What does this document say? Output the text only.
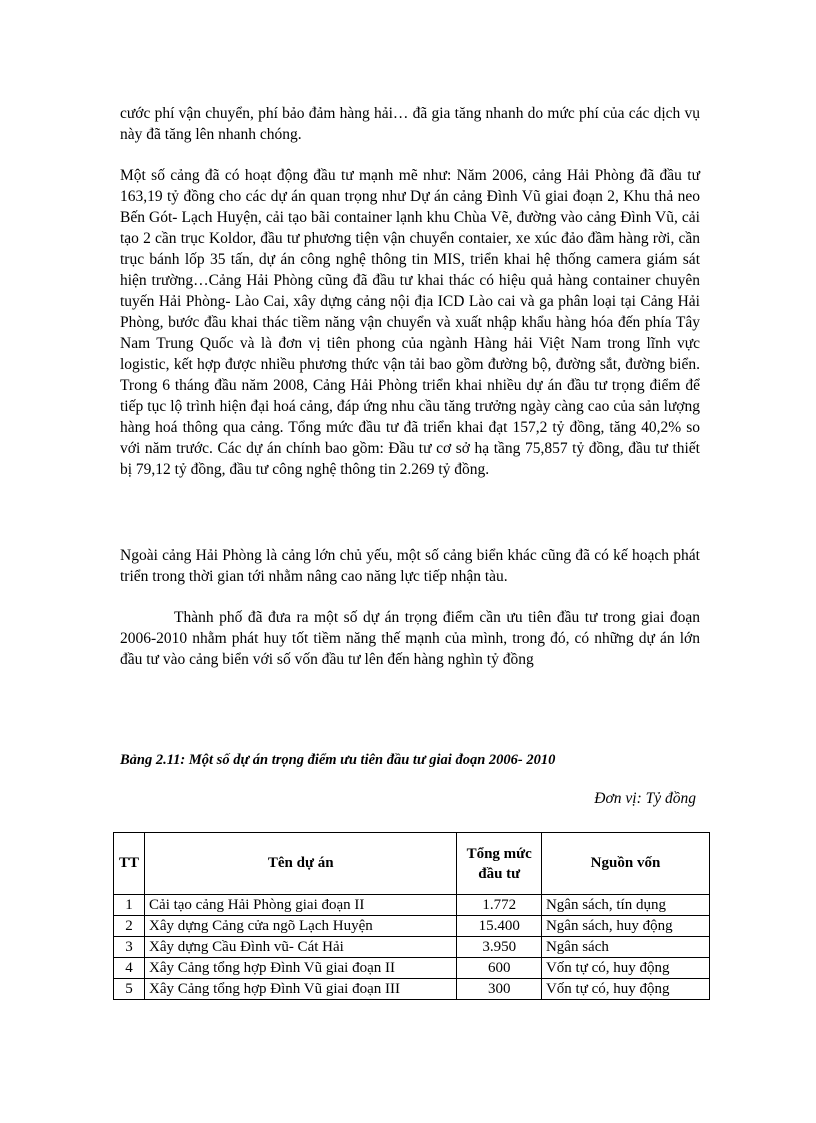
cước phí vận chuyển, phí bảo đảm hàng hải… đã gia tăng nhanh do mức phí của các dịch vụ này đã tăng lên nhanh chóng.

Một số cảng đã có hoạt động đầu tư mạnh mẽ như: Năm 2006, cảng Hải Phòng đã đầu tư 163,19 tỷ đồng cho các dự án quan trọng như Dự án cảng Đình Vũ giai đoạn 2, Khu thả neo Bến Gót- Lạch Huyện, cải tạo bãi container lạnh khu Chùa Vẽ, đường vào cảng Đình Vũ, cải tạo 2 cần trục Koldor, đầu tư phương tiện vận chuyển contaier, xe xúc đảo đầm hàng rời, cần trục bánh lốp 35 tấn, dự án công nghệ thông tin MIS, triển khai hệ thống camera giám sát hiện trường…Cảng Hải Phòng cũng đã đầu tư khai thác có hiệu quả hàng container chuyên tuyến Hải Phòng- Lào Cai, xây dựng cảng nội địa ICD Lào cai và ga phân loại tại Cảng Hải Phòng, bước đầu khai thác tiềm năng vận chuyển và xuất nhập khẩu hàng hóa đến phía Tây Nam Trung Quốc và là đơn vị tiên phong của ngành Hàng hải Việt Nam trong lĩnh vực logistic, kết hợp được nhiều phương thức vận tải bao gồm đường bộ, đường sắt, đường biển. Trong 6 tháng đầu năm 2008, Cảng Hải Phòng triển khai nhiều dự án đầu tư trọng điểm để tiếp tục lộ trình hiện đại hoá cảng, đáp ứng nhu cầu tăng trưởng ngày càng cao của sản lượng hàng hoá thông qua cảng. Tổng mức đầu tư đã triển khai đạt 157,2 tỷ đồng, tăng 40,2% so với năm trước. Các dự án chính bao gồm: Đầu tư cơ sở hạ tầng 75,857 tỷ đồng, đầu tư thiết bị 79,12 tỷ đồng, đầu tư công nghệ thông tin 2.269 tỷ đồng.

Ngoài cảng Hải Phòng là cảng lớn chủ yếu, một số cảng biển khác cũng đã có kế hoạch phát triển trong thời gian tới nhằm nâng cao năng lực tiếp nhận tàu.

Thành phố đã đưa ra một số dự án trọng điểm cần ưu tiên đầu tư trong giai đoạn 2006-2010 nhằm phát huy tốt tiềm năng thế mạnh của mình, trong đó, có những dự án lớn đầu tư vào cảng biển với số vốn đầu tư lên đến hàng nghìn tỷ đồng

Bảng 2.11: Một số dự án trọng điểm ưu tiên đầu tư giai đoạn 2006- 2010

Đơn vị: Tỷ đồng

TT	Tên dự án	Tổng mức đầu tư	Nguồn vốn
1	Cải tạo cảng Hải Phòng giai đoạn II	1.772	Ngân sách, tín dụng
2	Xây dựng Cảng cửa ngõ Lạch Huyện	15.400	Ngân sách, huy động
3	Xây dựng Cầu Đình vũ- Cát Hải	3.950	Ngân sách
4	Xây Cảng tổng hợp Đình Vũ giai đoạn II	600	Vốn tự có, huy động
5	Xây Cảng tổng hợp Đình Vũ giai đoạn III	300	Vốn tự có, huy động
